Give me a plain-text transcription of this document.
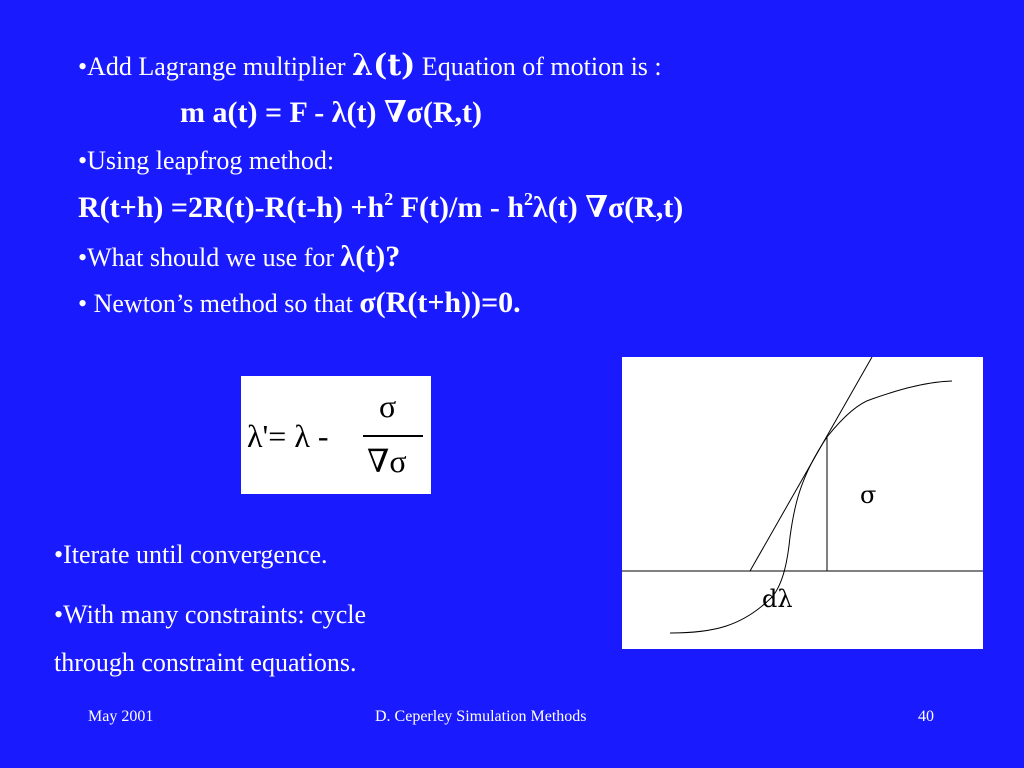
•Add Lagrange multiplier λ(t) Equation of motion is :
m a(t) = F - λ(t) ∇σ(R,t)
•Using leapfrog method:
$R(t+h) =2R(t)-R(t-h) +h^2$ $F(t)/m - h^2\lambda(t)$ ∇σ(R,t)
•What should we use for λ(t)?
• Newton’s method so that σ(R(t+h))=0.
λ'= λ -
σ
∇σ
•Iterate until convergence.
•With many constraints: cycle
through constraint equations.
σ
dλ
May 2001	D. Ceperley Simulation Methods	40
